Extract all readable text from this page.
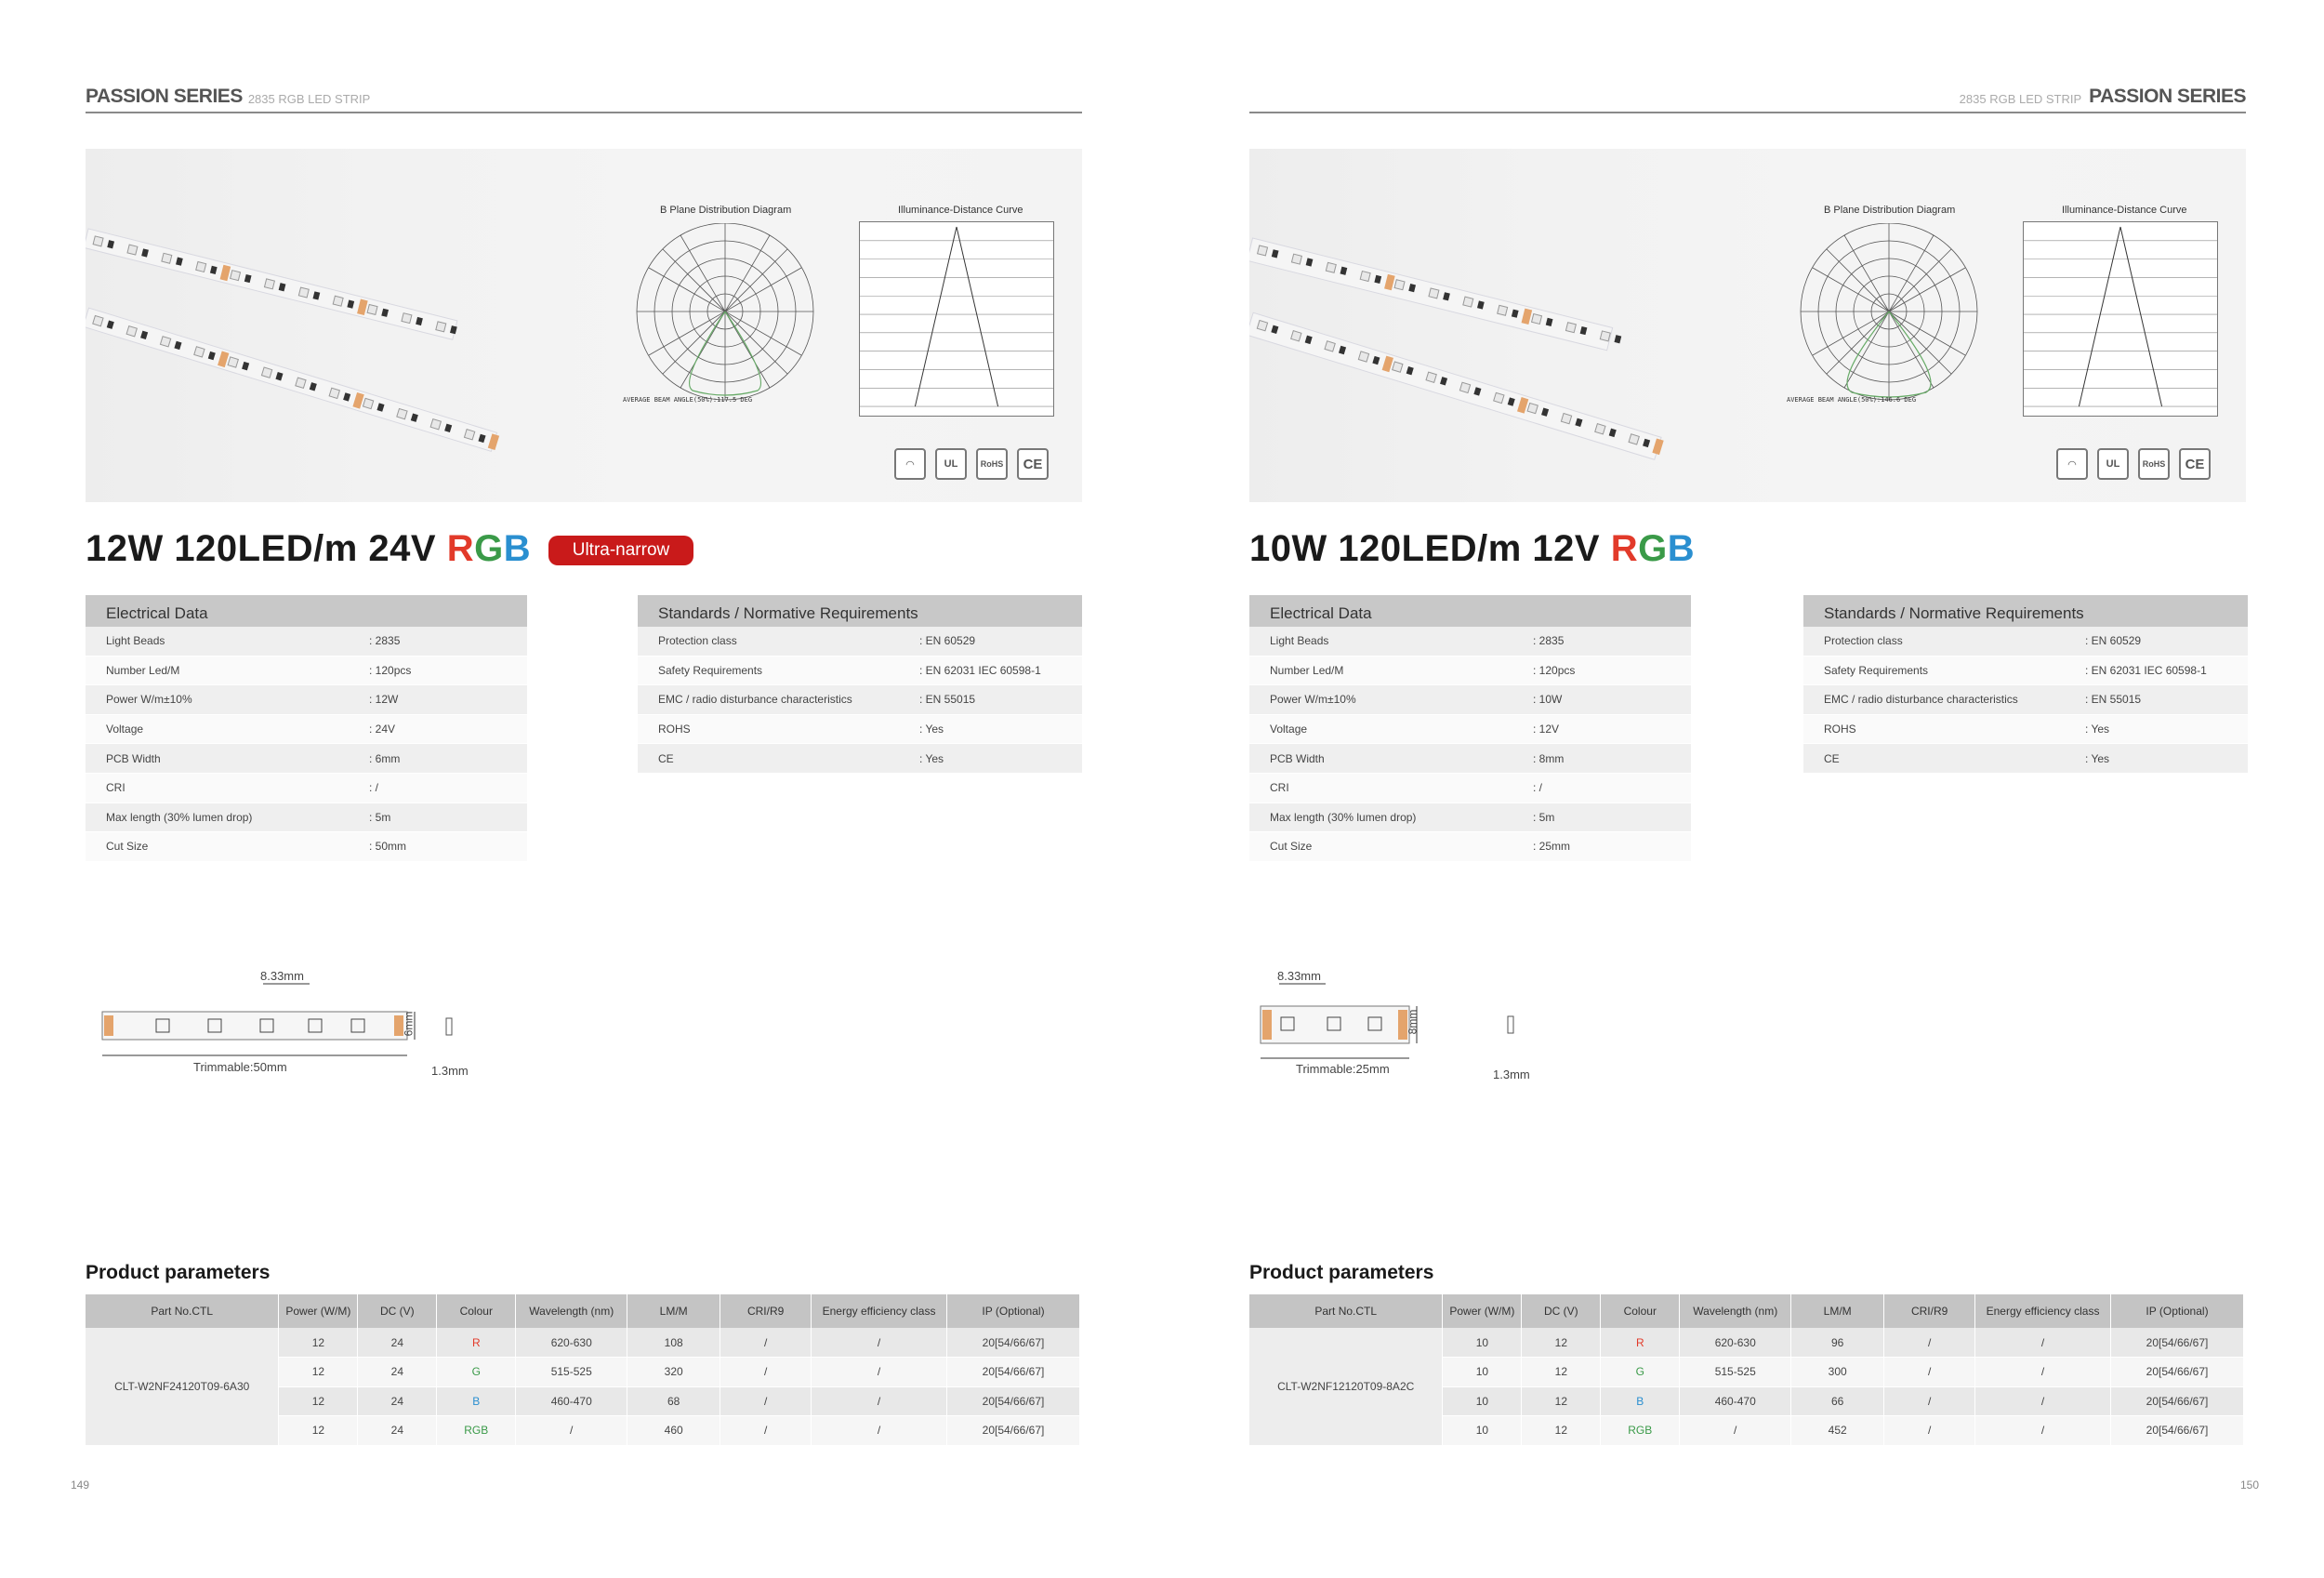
PASSION SERIES 2835 RGB LED STRIP
B Plane Distribution Diagram
AVERAGE BEAM ANGLE(50%):117.5 DEG
Illuminance-Distance Curve
◠	UL	RoHS	CE
12W 120LED/m 24V RGB	Ultra-narrow
Electrical Data
Light Beads	: 2835
Number Led/M	: 120pcs
Power W/m±10%	: 12W
Voltage	: 24V
PCB Width	: 6mm
CRI	: /
Max length (30% lumen drop)	: 5m
Cut Size	: 50mm
Standards / Normative Requirements
Protection class	: EN 60529
Safety Requirements	: EN 62031 IEC 60598-1
EMC / radio disturbance characteristics	: EN 55015
ROHS	: Yes
CE	: Yes
8.33mm
Trimmable:50mm
6mm
1.3mm
Product parameters
Part No.CTL	Power (W/M)	DC (V)	Colour	Wavelength (nm)	LM/M	CRI/R9	Energy efficiency class	IP (Optional)
CLT-W2NF24120T09-6A30	12	24	R	620-630	108	/	/	20[54/66/67]
	12	24	G	515-525	320	/	/	20[54/66/67]
	12	24	B	460-470	68	/	/	20[54/66/67]
	12	24	RGB	/	460	/	/	20[54/66/67]
149
2835 RGB LED STRIP PASSION SERIES
B Plane Distribution Diagram
AVERAGE BEAM ANGLE(50%):146.6 DEG
Illuminance-Distance Curve
◠	UL	RoHS	CE
10W 120LED/m 12V RGB
Electrical Data
Light Beads	: 2835
Number Led/M	: 120pcs
Power W/m±10%	: 10W
Voltage	: 12V
PCB Width	: 8mm
CRI	: /
Max length (30% lumen drop)	: 5m
Cut Size	: 25mm
Standards / Normative Requirements
Protection class	: EN 60529
Safety Requirements	: EN 62031 IEC 60598-1
EMC / radio disturbance characteristics	: EN 55015
ROHS	: Yes
CE	: Yes
8.33mm
Trimmable:25mm
8mm
1.3mm
Product parameters
Part No.CTL	Power (W/M)	DC (V)	Colour	Wavelength (nm)	LM/M	CRI/R9	Energy efficiency class	IP (Optional)
CLT-W2NF12120T09-8A2C	10	12	R	620-630	96	/	/	20[54/66/67]
	10	12	G	515-525	300	/	/	20[54/66/67]
	10	12	B	460-470	66	/	/	20[54/66/67]
	10	12	RGB	/	452	/	/	20[54/66/67]
150
